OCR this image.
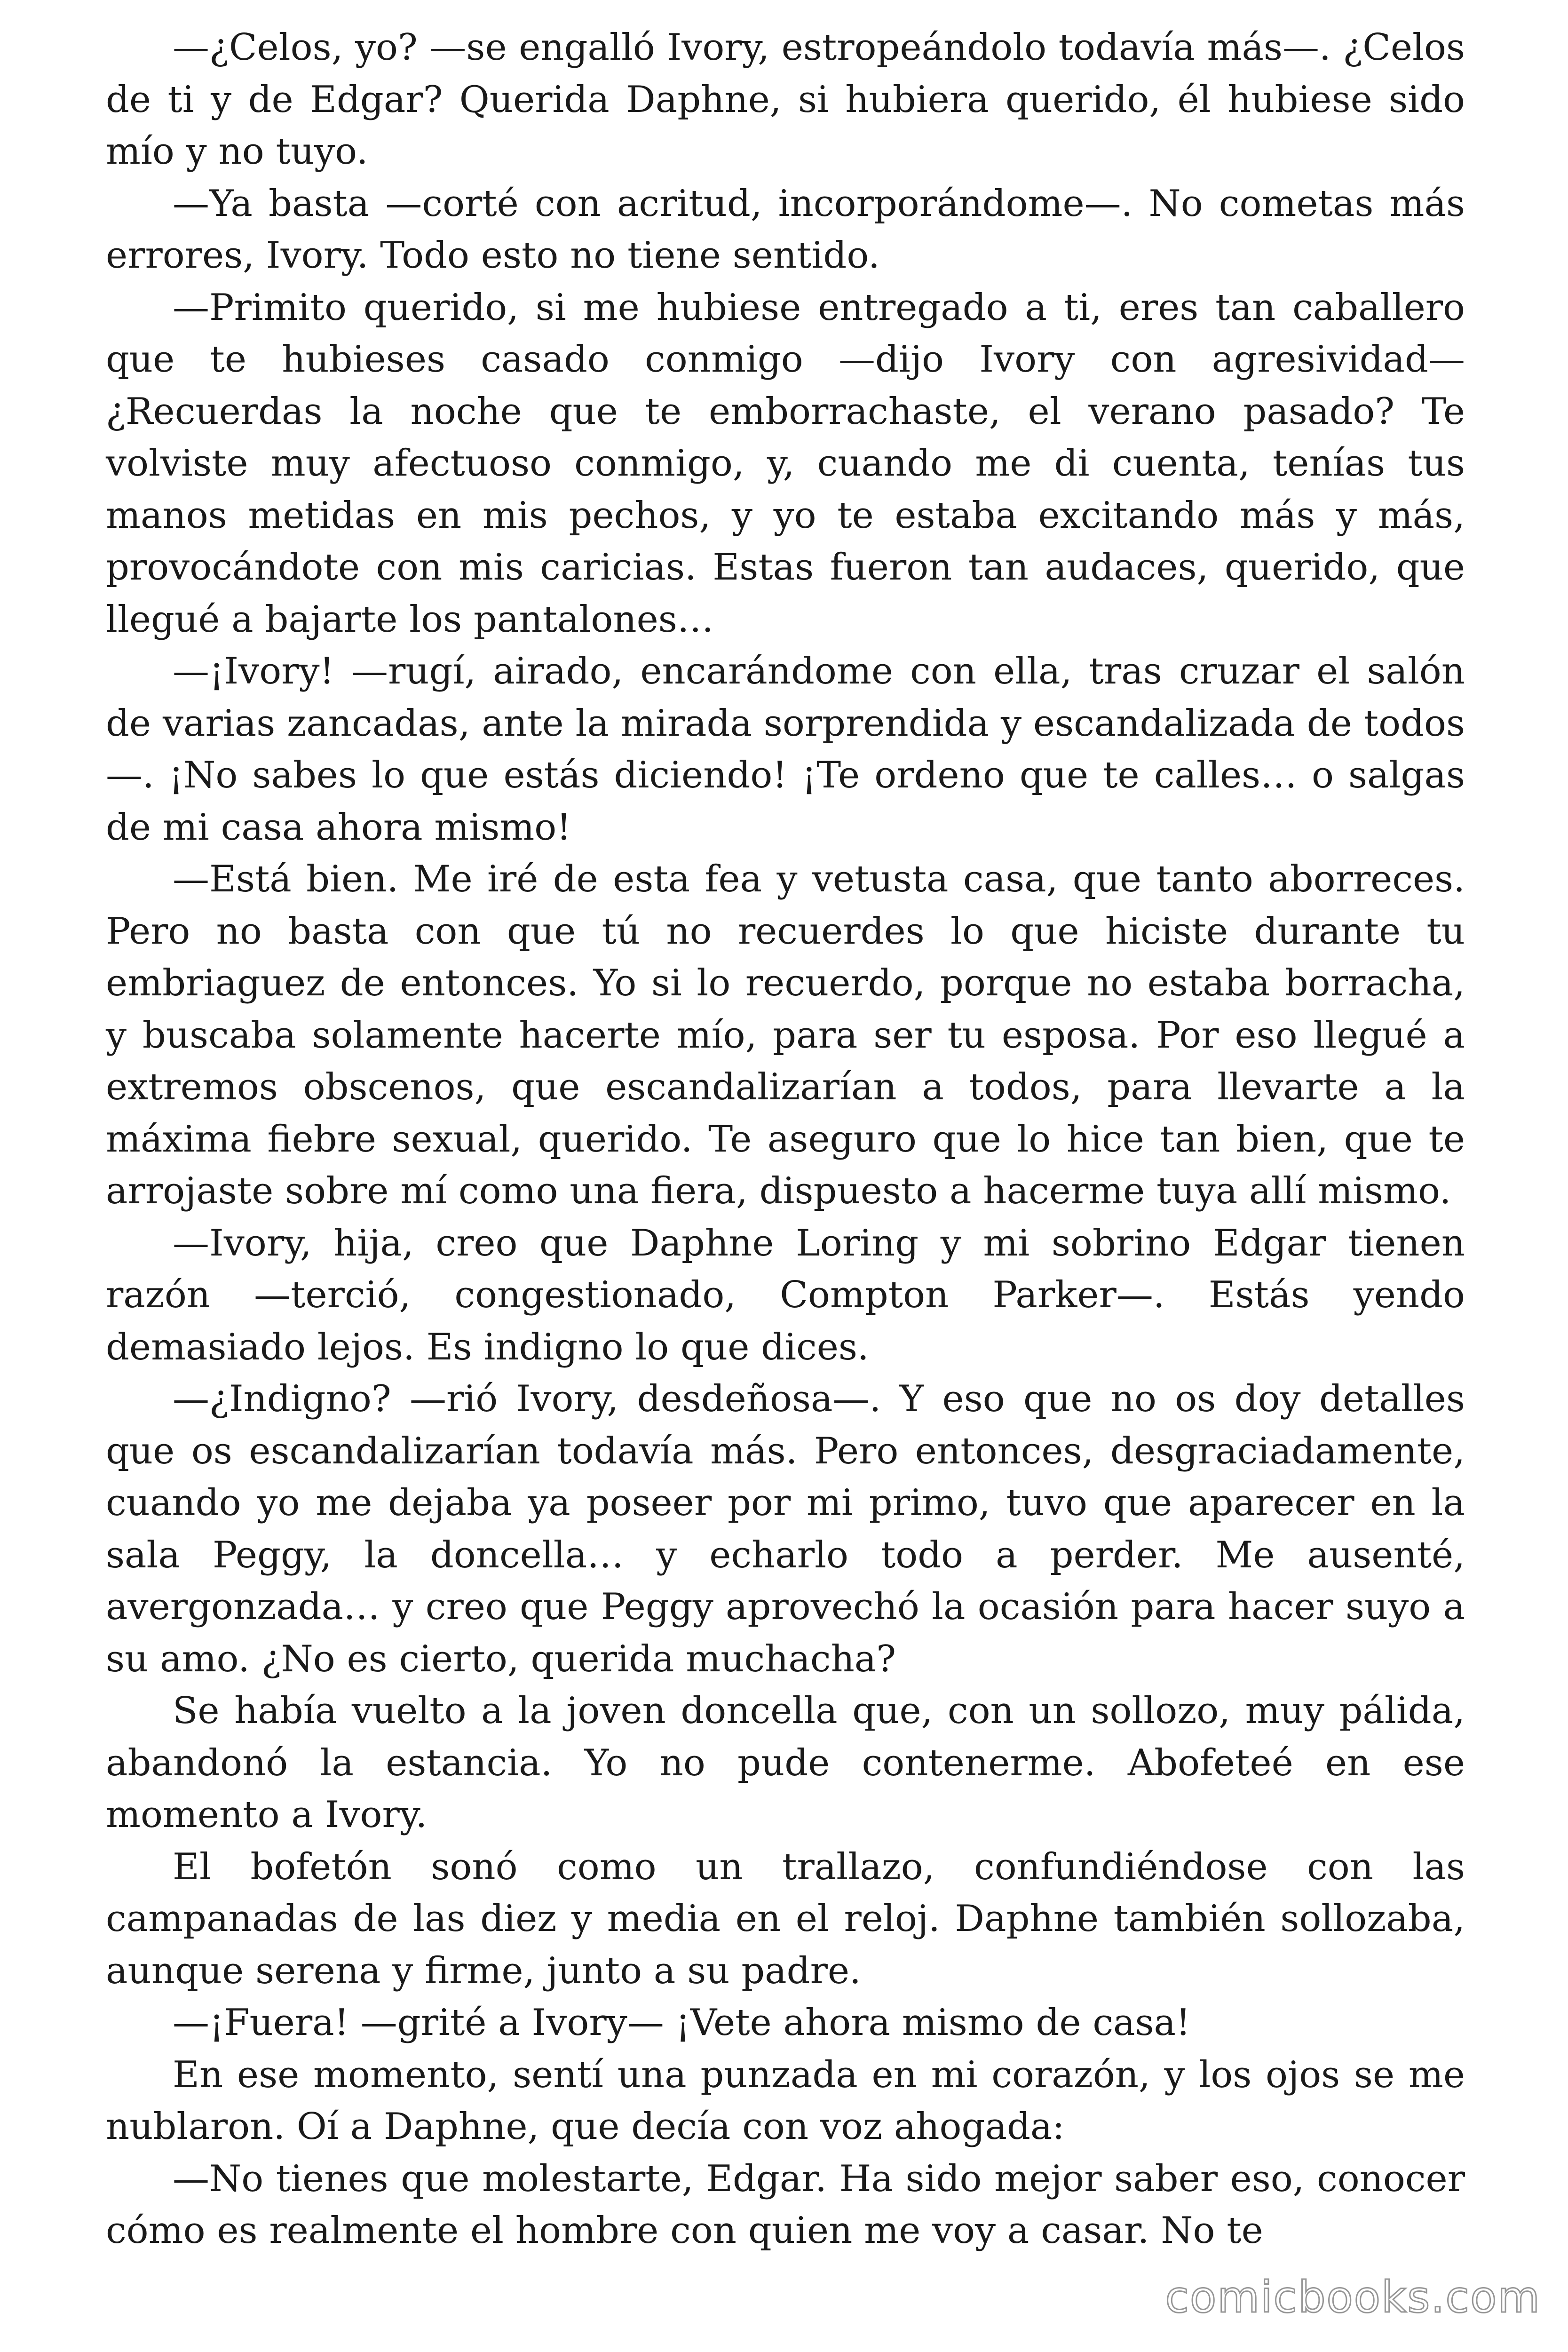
—¿Celos, yo? —se engalló Ivory, estropeándolo todavía más—. ¿Celos de ti y de Edgar? Querida Daphne, si hubiera querido, él hubiese sido mío y no tuyo.

—Ya basta —corté con acritud, incorporándome—. No cometas más errores, Ivory. Todo esto no tiene sentido.

—Primito querido, si me hubiese entregado a ti, eres tan caballero que te hubieses casado conmigo —dijo Ivory con agresividad— ¿Recuerdas la noche que te emborrachaste, el verano pasado? Te volviste muy afectuoso conmigo, y, cuando me di cuenta, tenías tus manos metidas en mis pechos, y yo te estaba excitando más y más, provocándote con mis caricias. Estas fueron tan audaces, querido, que llegué a bajarte los pantalones…

—¡Ivory! —rugí, airado, encarándome con ella, tras cruzar el salón de varias zancadas, ante la mirada sorprendida y escandalizada de todos—. ¡No sabes lo que estás diciendo! ¡Te ordeno que te calles… o salgas de mi casa ahora mismo!

—Está bien. Me iré de esta fea y vetusta casa, que tanto aborreces. Pero no basta con que tú no recuerdes lo que hiciste durante tu embriaguez de entonces. Yo si lo recuerdo, porque no estaba borracha, y buscaba solamente hacerte mío, para ser tu esposa. Por eso llegué a extremos obscenos, que escandalizarían a todos, para llevarte a la máxima fiebre sexual, querido. Te aseguro que lo hice tan bien, que te arrojaste sobre mí como una fiera, dispuesto a hacerme tuya allí mismo.

—Ivory, hija, creo que Daphne Loring y mi sobrino Edgar tienen razón —terció, congestionado, Compton Parker—. Estás yendo demasiado lejos. Es indigno lo que dices.

—¿Indigno? —rió Ivory, desdeñosa—. Y eso que no os doy detalles que os escandalizarían todavía más. Pero entonces, desgraciadamente, cuando yo me dejaba ya poseer por mi primo, tuvo que aparecer en la sala Peggy, la doncella… y echarlo todo a perder. Me ausenté, avergonzada… y creo que Peggy aprovechó la ocasión para hacer suyo a su amo. ¿No es cierto, querida muchacha?

Se había vuelto a la joven doncella que, con un sollozo, muy pálida, abandonó la estancia. Yo no pude contenerme. Abofeteé en ese momento a Ivory.

El bofetón sonó como un trallazo, confundiéndose con las campanadas de las diez y media en el reloj. Daphne también sollozaba, aunque serena y firme, junto a su padre.

—¡Fuera! —grité a Ivory— ¡Vete ahora mismo de casa!

En ese momento, sentí una punzada en mi corazón, y los ojos se me nublaron. Oí a Daphne, que decía con voz ahogada:

—No tienes que molestarte, Edgar. Ha sido mejor saber eso, conocer cómo es realmente el hombre con quien me voy a casar. No te

comicbooks.com
